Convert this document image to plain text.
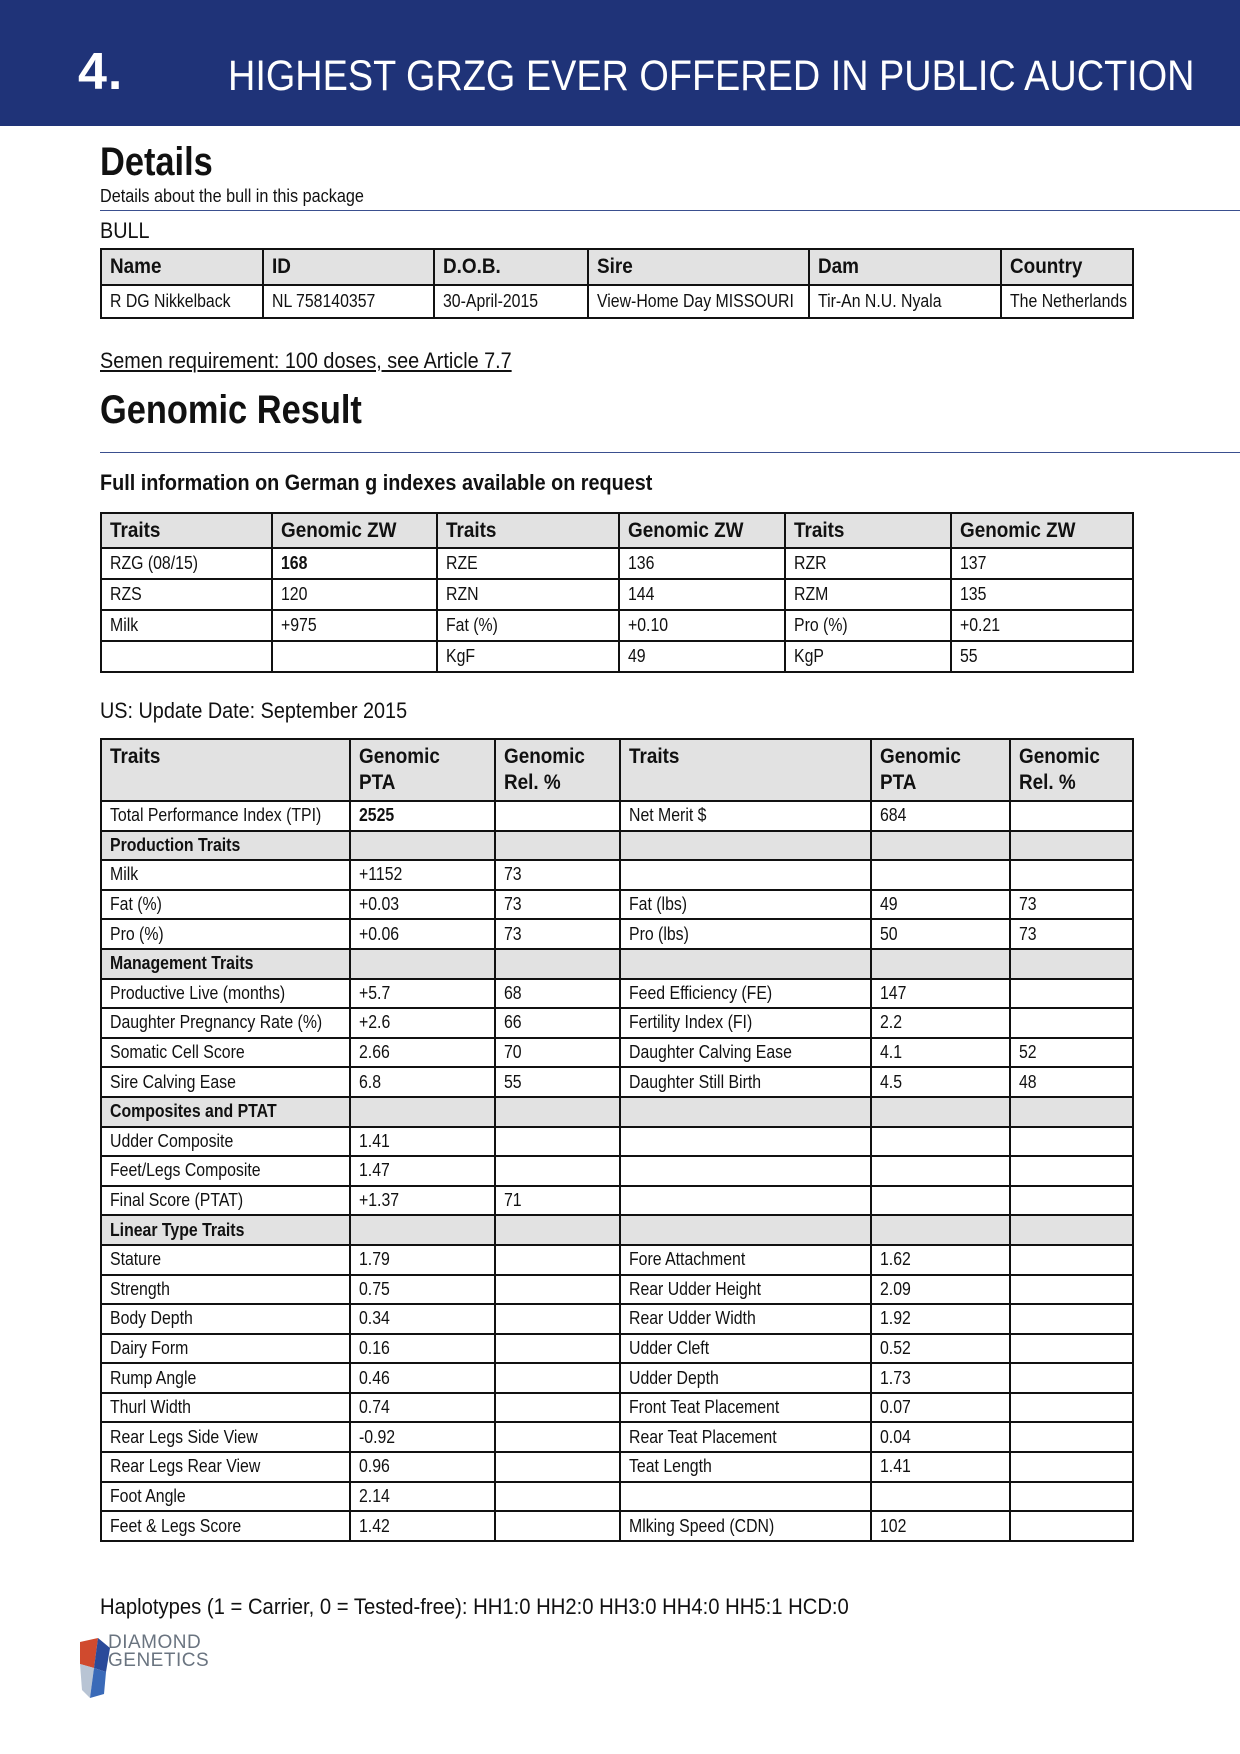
4. HIGHEST GRZG EVER OFFERED IN PUBLIC AUCTION
Details
Details about the bull in this package
BULL
Name	ID	D.O.B.	Sire	Dam	Country
R DG Nikkelback	NL 758140357	30-April-2015	View-Home Day MISSOURI	Tir-An N.U. Nyala	The Netherlands
Semen requirement: 100 doses, see Article 7.7
Genomic Result
Full information on German g indexes available on request
Traits	Genomic ZW	Traits	Genomic ZW	Traits	Genomic ZW
RZG (08/15)	168	RZE	136	RZR	137
RZS	120	RZN	144	RZM	135
Milk	+975	Fat (%)	+0.10	Pro (%)	+0.21
		KgF	49	KgP	55
US: Update Date: September 2015
Traits	Genomic PTA	Genomic Rel. %	Traits	Genomic PTA	Genomic Rel. %
Total Performance Index (TPI)	2525		Net Merit $	684	
Production Traits					
Milk	+1152	73			
Fat (%)	+0.03	73	Fat (lbs)	49	73
Pro (%)	+0.06	73	Pro (lbs)	50	73
Management Traits					
Productive Live (months)	+5.7	68	Feed Efficiency (FE)	147	
Daughter Pregnancy Rate (%)	+2.6	66	Fertility Index (FI)	2.2	
Somatic Cell Score	2.66	70	Daughter Calving Ease	4.1	52
Sire Calving Ease	6.8	55	Daughter Still Birth	4.5	48
Composites and PTAT					
Udder Composite	1.41				
Feet/Legs Composite	1.47				
Final Score (PTAT)	+1.37	71			
Linear Type Traits					
Stature	1.79		Fore Attachment	1.62	
Strength	0.75		Rear Udder Height	2.09	
Body Depth	0.34		Rear Udder Width	1.92	
Dairy Form	0.16		Udder Cleft	0.52	
Rump Angle	0.46		Udder Depth	1.73	
Thurl Width	0.74		Front Teat Placement	0.07	
Rear Legs Side View	-0.92		Rear Teat Placement	0.04	
Rear Legs Rear View	0.96		Teat Length	1.41	
Foot Angle	2.14				
Feet & Legs Score	1.42		Mlking Speed (CDN)	102	
Haplotypes (1 = Carrier, 0 = Tested-free): HH1:0 HH2:0 HH3:0 HH4:0 HH5:1 HCD:0
DIAMOND
GENETICS
